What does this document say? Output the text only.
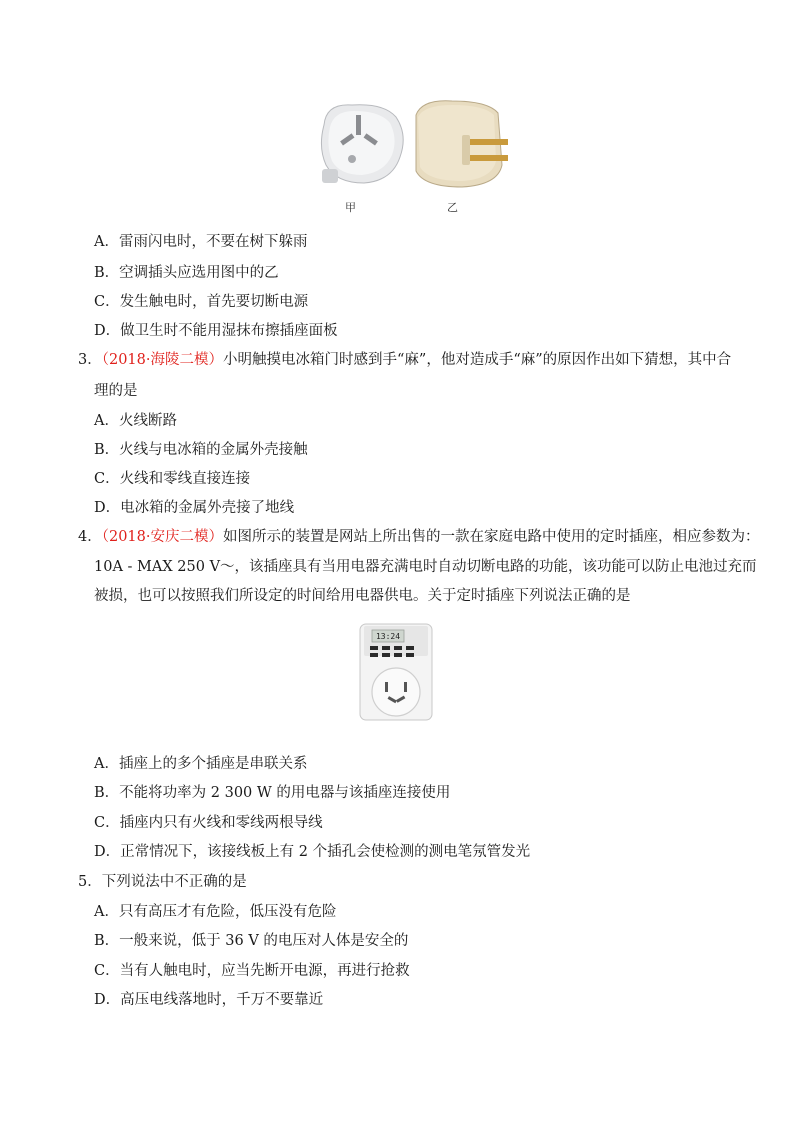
甲	乙
A．雷雨闪电时，不要在树下躲雨
B．空调插头应选用图中的乙
C．发生触电时，首先要切断电源
D．做卫生时不能用湿抹布擦插座面板
3．（2018·海陵二模）小明触摸电冰箱门时感到手“麻”，他对造成手“麻”的原因作出如下猜想，其中合
理的是
A．火线断路
B．火线与电冰箱的金属外壳接触
C．火线和零线直接连接
D．电冰箱的金属外壳接了地线
4．（2018·安庆二模）如图所示的装置是网站上所出售的一款在家庭电路中使用的定时插座，相应参数为：
10A - MAX 250 V～，该插座具有当用电器充满电时自动切断电路的功能，该功能可以防止电池过充而
被损，也可以按照我们所设定的时间给用电器供电。关于定时插座下列说法正确的是
13:24
A．插座上的多个插座是串联关系
B．不能将功率为 2 300 W 的用电器与该插座连接使用
C．插座内只有火线和零线两根导线
D．正常情况下，该接线板上有 2 个插孔会使检测的测电笔氖管发光
5．下列说法中不正确的是
A．只有高压才有危险，低压没有危险
B．一般来说，低于 36 V 的电压对人体是安全的
C．当有人触电时，应当先断开电源，再进行抢救
D．高压电线落地时，千万不要靠近
